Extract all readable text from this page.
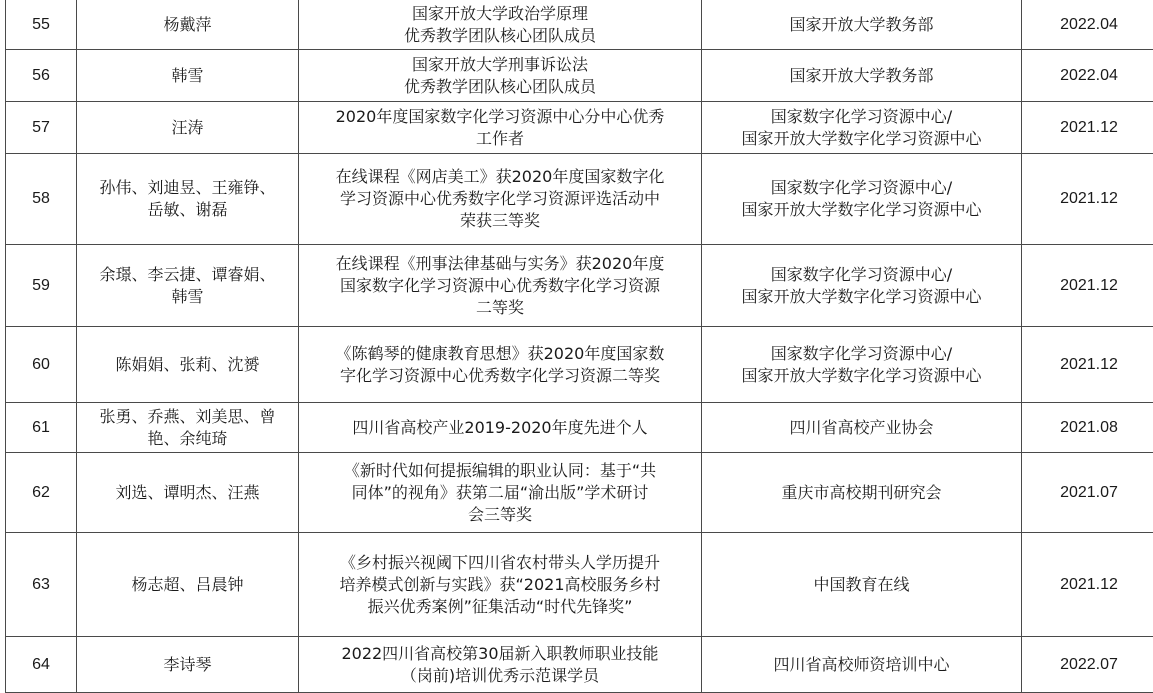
55	杨戴萍	国家开放大学政治学原理
优秀教学团队核心团队成员	国家开放大学教务部	2022.04
56	韩雪	国家开放大学刑事诉讼法
优秀教学团队核心团队成员	国家开放大学教务部	2022.04
57	汪涛	2020年度国家数字化学习资源中心分中心优秀
工作者	国家数字化学习资源中心/
国家开放大学数字化学习资源中心	2021.12
58	孙伟、刘迪昱、王雍铮、
岳敏、谢磊	在线课程《网店美工》获2020年度国家数字化
学习资源中心优秀数字化学习资源评选活动中
荣获三等奖	国家数字化学习资源中心/
国家开放大学数字化学习资源中心	2021.12
59	余璟、李云捷、谭睿娟、
韩雪	在线课程《刑事法律基础与实务》获2020年度
国家数字化学习资源中心优秀数字化学习资源
二等奖	国家数字化学习资源中心/
国家开放大学数字化学习资源中心	2021.12
60	陈娟娟、张莉、沈赟	《陈鹤琴的健康教育思想》获2020年度国家数
字化学习资源中心优秀数字化学习资源二等奖	国家数字化学习资源中心/
国家开放大学数字化学习资源中心	2021.12
61	张勇、乔燕、刘美思、曾
艳、余纯琦	四川省高校产业2019-2020年度先进个人	四川省高校产业协会	2021.08
62	刘选、谭明杰、汪燕	《新时代如何提振编辑的职业认同：基于“共
同体”的视角》获第二届“渝出版”学术研讨
会三等奖	重庆市高校期刊研究会	2021.07
63	杨志超、吕晨钟	《乡村振兴视阈下四川省农村带头人学历提升
培养模式创新与实践》获“2021高校服务乡村
振兴优秀案例”征集活动“时代先锋奖”	中国教育在线	2021.12
64	李诗琴	2022四川省高校第30届新入职教师职业技能
（岗前)培训优秀示范课学员	四川省高校师资培训中心	2022.07
